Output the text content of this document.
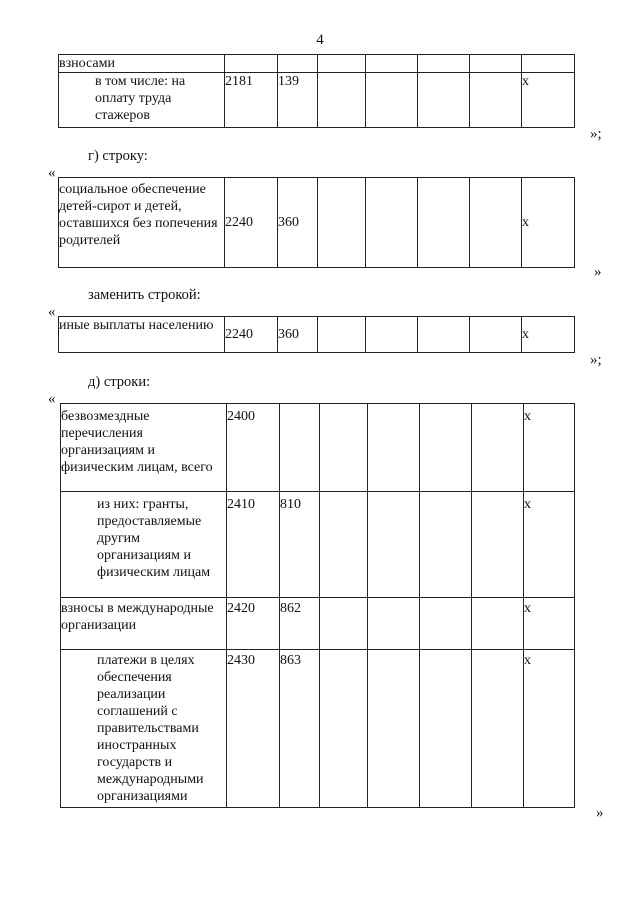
4
взносами							
в том числе: на оплату труда стажеров	2181	139					х
»;
г) строку:
«
социальное обеспечение детей-сирот и детей, оставшихся без попечения родителей	2240	360					х
»
заменить строкой:
«
иные выплаты населению	2240	360					х
»;
д) строки:
«
безвозмездные перечисления организациям и физическим лицам, всего	2400						х
из них: гранты, предоставляемые другим организациям и физическим лицам	2410	810					х
взносы в международные организации	2420	862					х
платежи в целях обеспечения реализации соглашений с правительствами иностранных государств и международными организациями	2430	863					х
»
